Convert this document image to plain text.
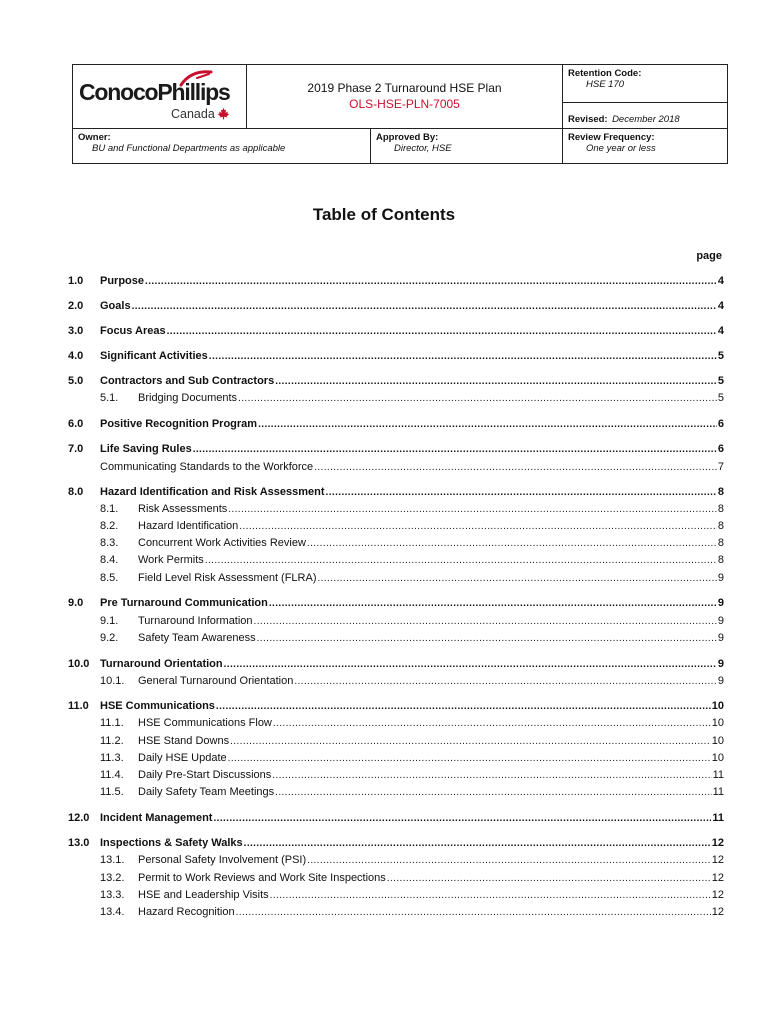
ConocoPhillips
Canada
2019 Phase 2 Turnaround HSE Plan
OLS-HSE-PLN-7005
Retention Code:
HSE 170
Revised: December 2018
Owner:
BU and Functional Departments as applicable
Approved By:
Director, HSE
Review Frequency:
One year or less
Table of Contents
page
1.0	Purpose .....	4
2.0	Goals .....	4
3.0	Focus Areas .....	4
4.0	Significant Activities .....	5
5.0	Contractors and Sub Contractors .....	5
5.1.	Bridging Documents .....	5
6.0	Positive Recognition Program .....	6
7.0	Life Saving Rules .....	6
Communicating Standards to the Workforce .....	7
8.0	Hazard Identification and Risk Assessment .....	8
8.1.	Risk Assessments .....	8
8.2.	Hazard Identification .....	8
8.3.	Concurrent Work Activities Review .....	8
8.4.	Work Permits .....	8
8.5.	Field Level Risk Assessment (FLRA) .....	9
9.0	Pre Turnaround Communication .....	9
9.1.	Turnaround Information .....	9
9.2.	Safety Team Awareness .....	9
10.0 Turnaround Orientation .....	9
10.1.	General Turnaround Orientation .....	9
11.0	HSE Communications .....	10
11.1.	HSE Communications Flow .....	10
11.2.	HSE Stand Downs .....	10
11.3.	Daily HSE Update .....	10
11.4.	Daily Pre-Start Discussions .....	11
11.5.	Daily Safety Team Meetings .....	11
12.0 Incident Management .....	11
13.0 Inspections & Safety Walks .....	12
13.1.	Personal Safety Involvement (PSI) .....	12
13.2.	Permit to Work Reviews and Work Site Inspections .....	12
13.3.	HSE and Leadership Visits .....	12
13.4.	Hazard Recognition .....	12
